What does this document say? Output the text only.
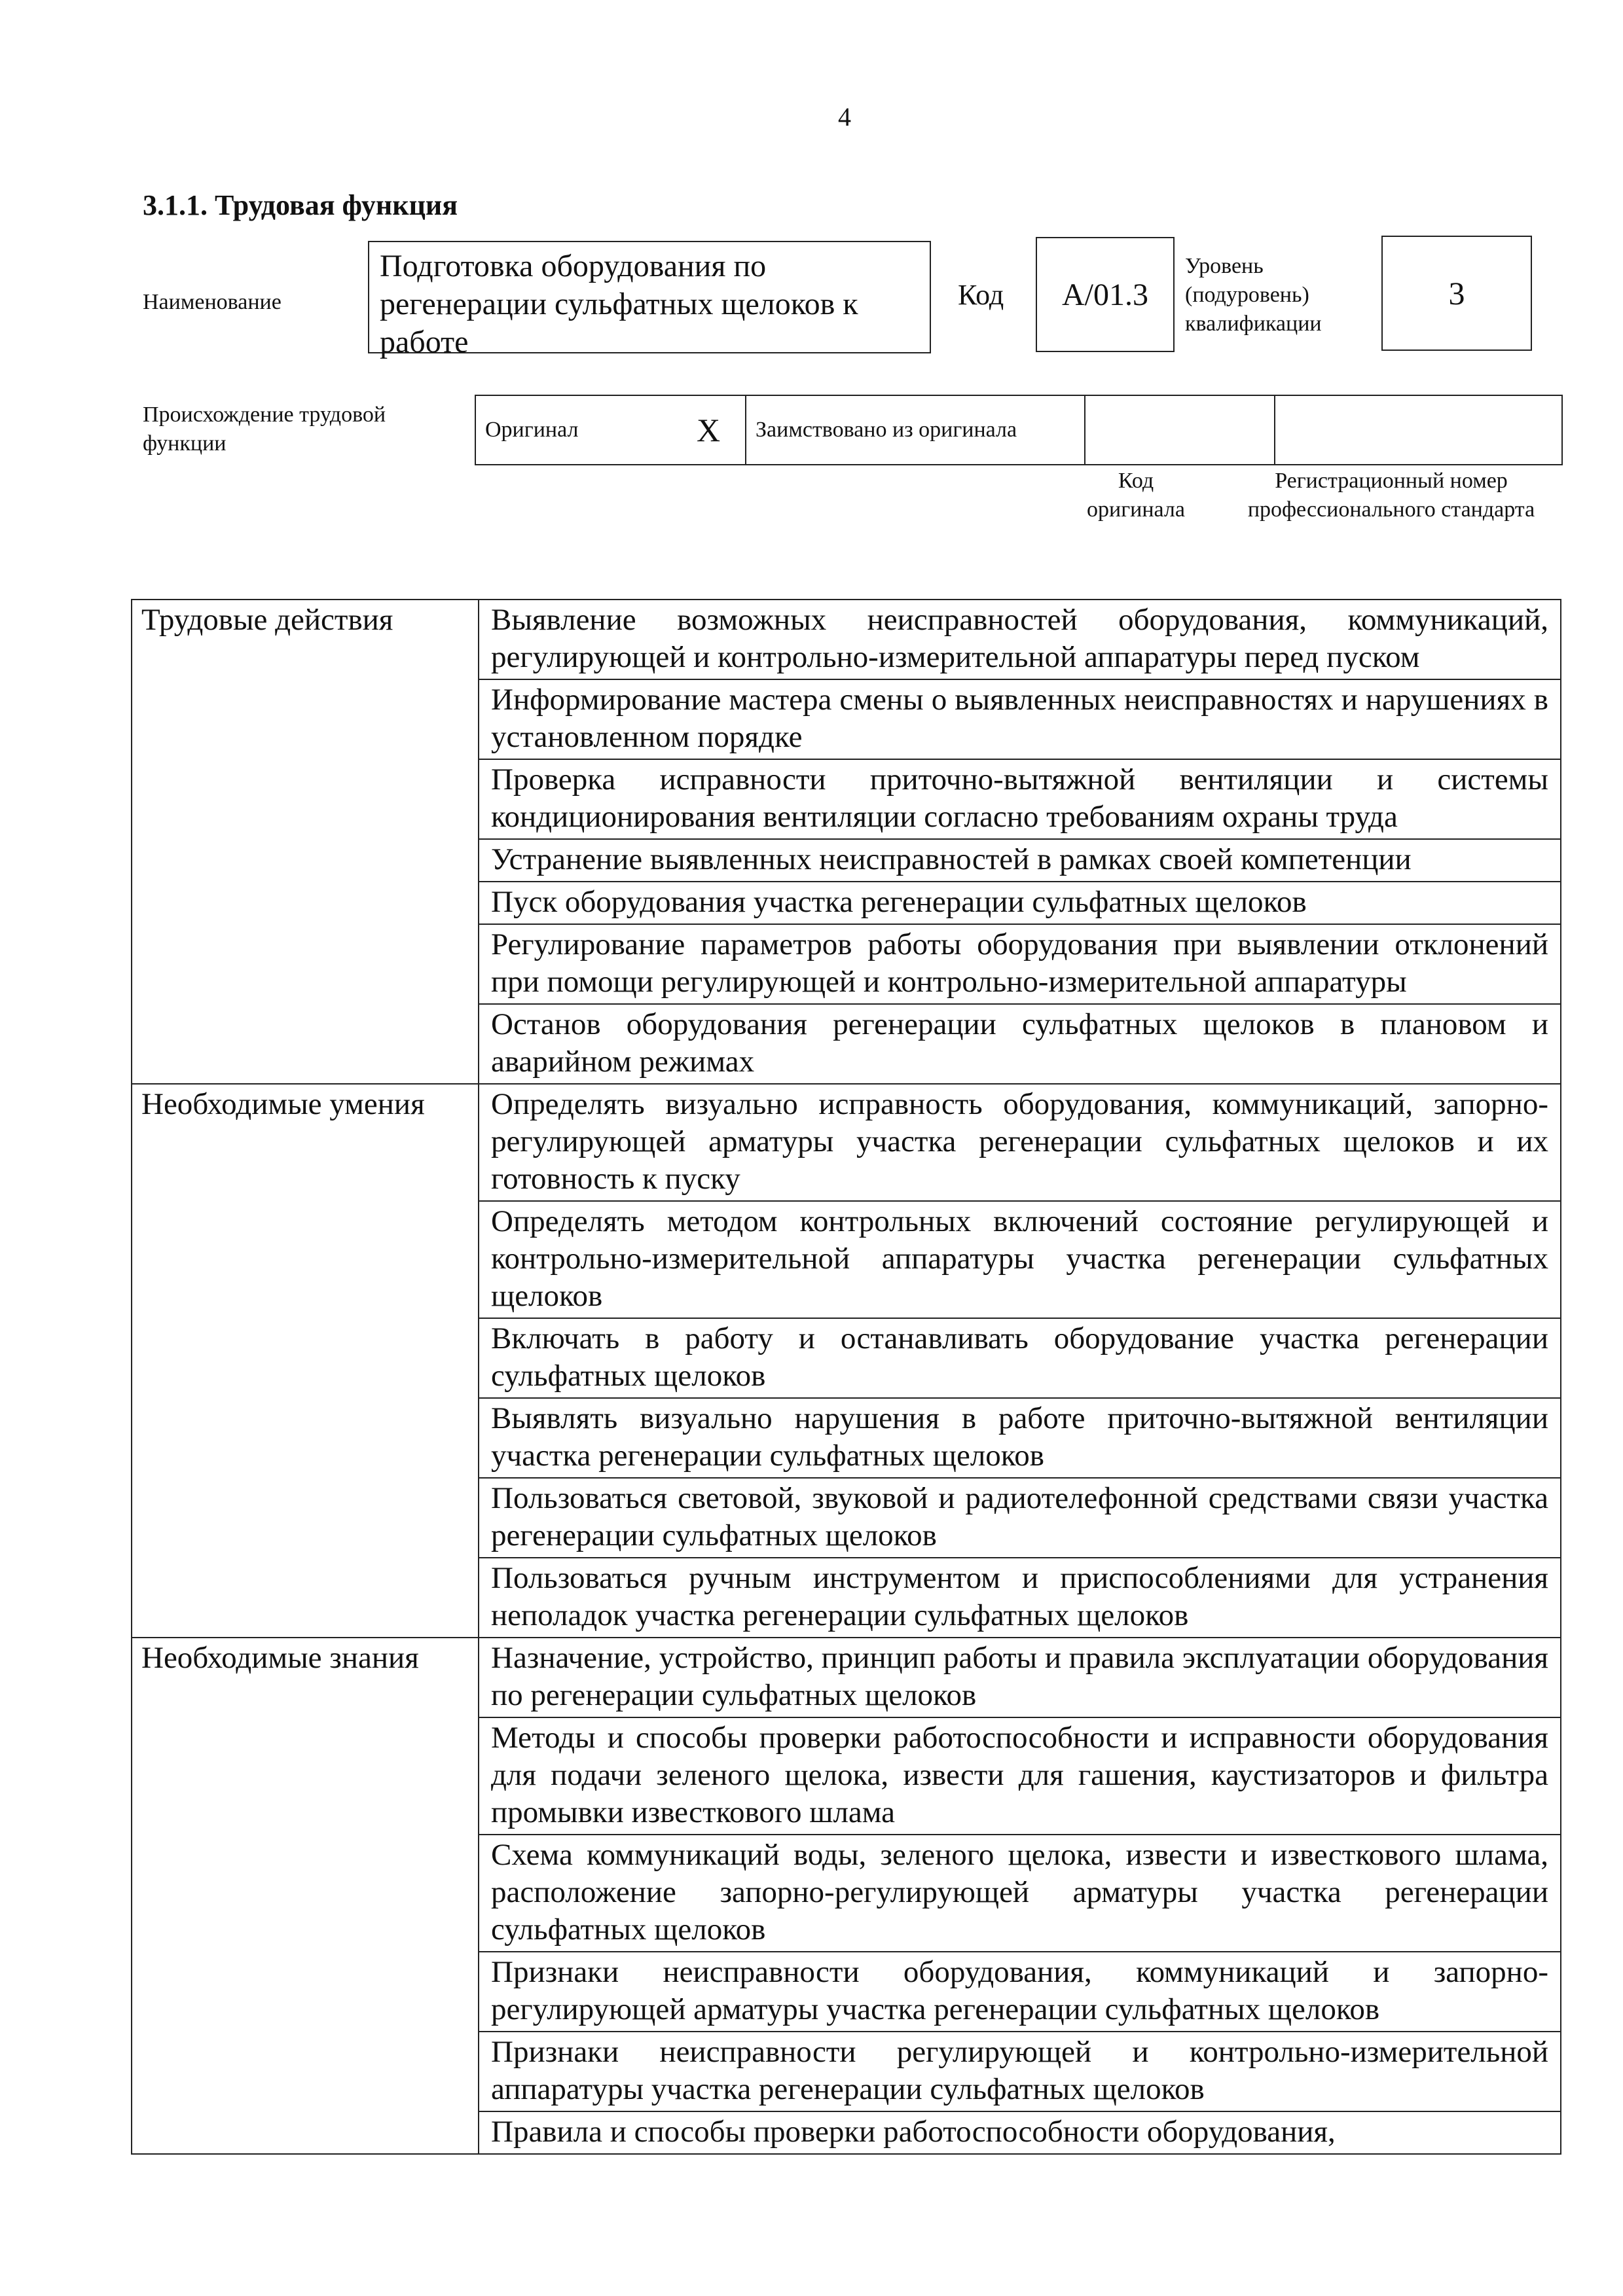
4
3.1.1. Трудовая функция
Наименование
Подготовка оборудования по регенерации сульфатных щелоков к работе
Код	A/01.3
Уровень (подуровень) квалификации
3
Происхождение трудовой функции
Оригинал	X	Заимствовано из оригинала		
Код оригинала
Регистрационный номер профессионального стандарта
Трудовые действия	Выявление возможных неисправностей оборудования, коммуникаций, регулирующей и контрольно-измерительной аппаратуры перед пуском
	Информирование мастера смены о выявленных неисправностях и нарушениях в установленном порядке
	Проверка исправности приточно-вытяжной вентиляции и системы кондиционирования вентиляции согласно требованиям охраны труда
	Устранение выявленных неисправностей в рамках своей компетенции
	Пуск оборудования участка регенерации сульфатных щелоков
	Регулирование параметров работы оборудования при выявлении отклонений при помощи регулирующей и контрольно-измерительной аппаратуры
	Останов оборудования регенерации сульфатных щелоков в плановом и аварийном режимах
Необходимые умения	Определять визуально исправность оборудования, коммуникаций, запорно-регулирующей арматуры участка регенерации сульфатных щелоков и их готовность к пуску
	Определять методом контрольных включений состояние регулирующей и контрольно-измерительной аппаратуры участка регенерации сульфатных щелоков
	Включать в работу и останавливать оборудование участка регенерации сульфатных щелоков
	Выявлять визуально нарушения в работе приточно-вытяжной вентиляции участка регенерации сульфатных щелоков
	Пользоваться световой, звуковой и радиотелефонной средствами связи участка регенерации сульфатных щелоков
	Пользоваться ручным инструментом и приспособлениями для устранения неполадок участка регенерации сульфатных щелоков
Необходимые знания	Назначение, устройство, принцип работы и правила эксплуатации оборудования по регенерации сульфатных щелоков
	Методы и способы проверки работоспособности и исправности оборудования для подачи зеленого щелока, извести для гашения, каустизаторов и фильтра промывки известкового шлама
	Схема коммуникаций воды, зеленого щелока, извести и известкового шлама, расположение запорно-регулирующей арматуры участка регенерации сульфатных щелоков
	Признаки неисправности оборудования, коммуникаций и запорно-регулирующей арматуры участка регенерации сульфатных щелоков
	Признаки неисправности регулирующей и контрольно-измерительной аппаратуры участка регенерации сульфатных щелоков
	Правила и способы проверки работоспособности оборудования,
